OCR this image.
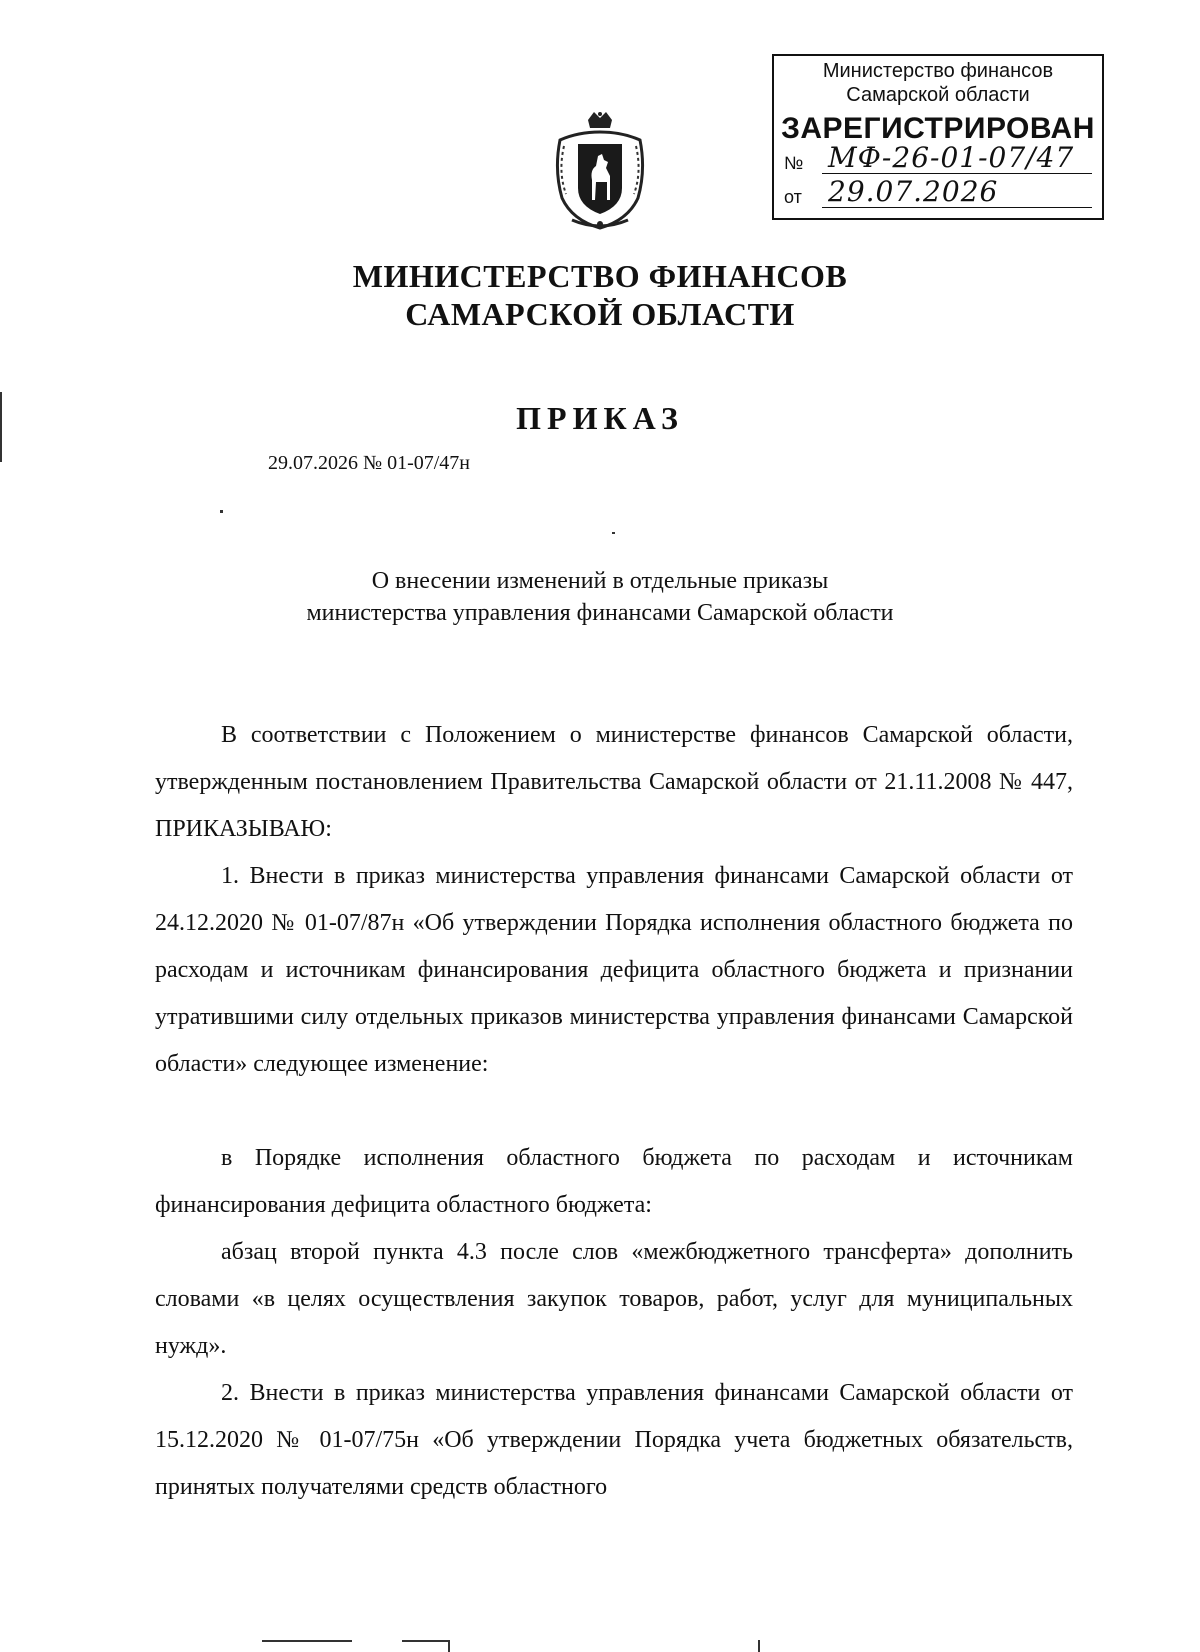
Министерство финансов
Самарской области
ЗАРЕГИСТРИРОВАН
№ МФ-26-01-07/47
от 29.07.2026
МИНИСТЕРСТВО ФИНАНСОВ
САМАРСКОЙ ОБЛАСТИ
ПРИКАЗ
29.07.2026 № 01-07/47н
О внесении изменений в отдельные приказы
министерства управления финансами Самарской области
В соответствии с Положением о министерстве финансов Самарской области, утвержденным постановлением Правительства Самарской области от 21.11.2008 № 447, ПРИКАЗЫВАЮ:
1. Внести в приказ министерства управления финансами Самарской области от 24.12.2020 № 01-07/87н «Об утверждении Порядка исполнения областного бюджета по расходам и источникам финансирования дефицита областного бюджета и признании утратившими силу отдельных приказов министерства управления финансами Самарской области» следующее изменение:
в Порядке исполнения областного бюджета по расходам и источникам финансирования дефицита областного бюджета:
абзац второй пункта 4.3 после слов «межбюджетного трансферта» дополнить словами «в целях осуществления закупок товаров, работ, услуг для муниципальных нужд».
2. Внести в приказ министерства управления финансами Самарской области от 15.12.2020 № 01-07/75н «Об утверждении Порядка учета бюджетных обязательств, принятых получателями средств областного
